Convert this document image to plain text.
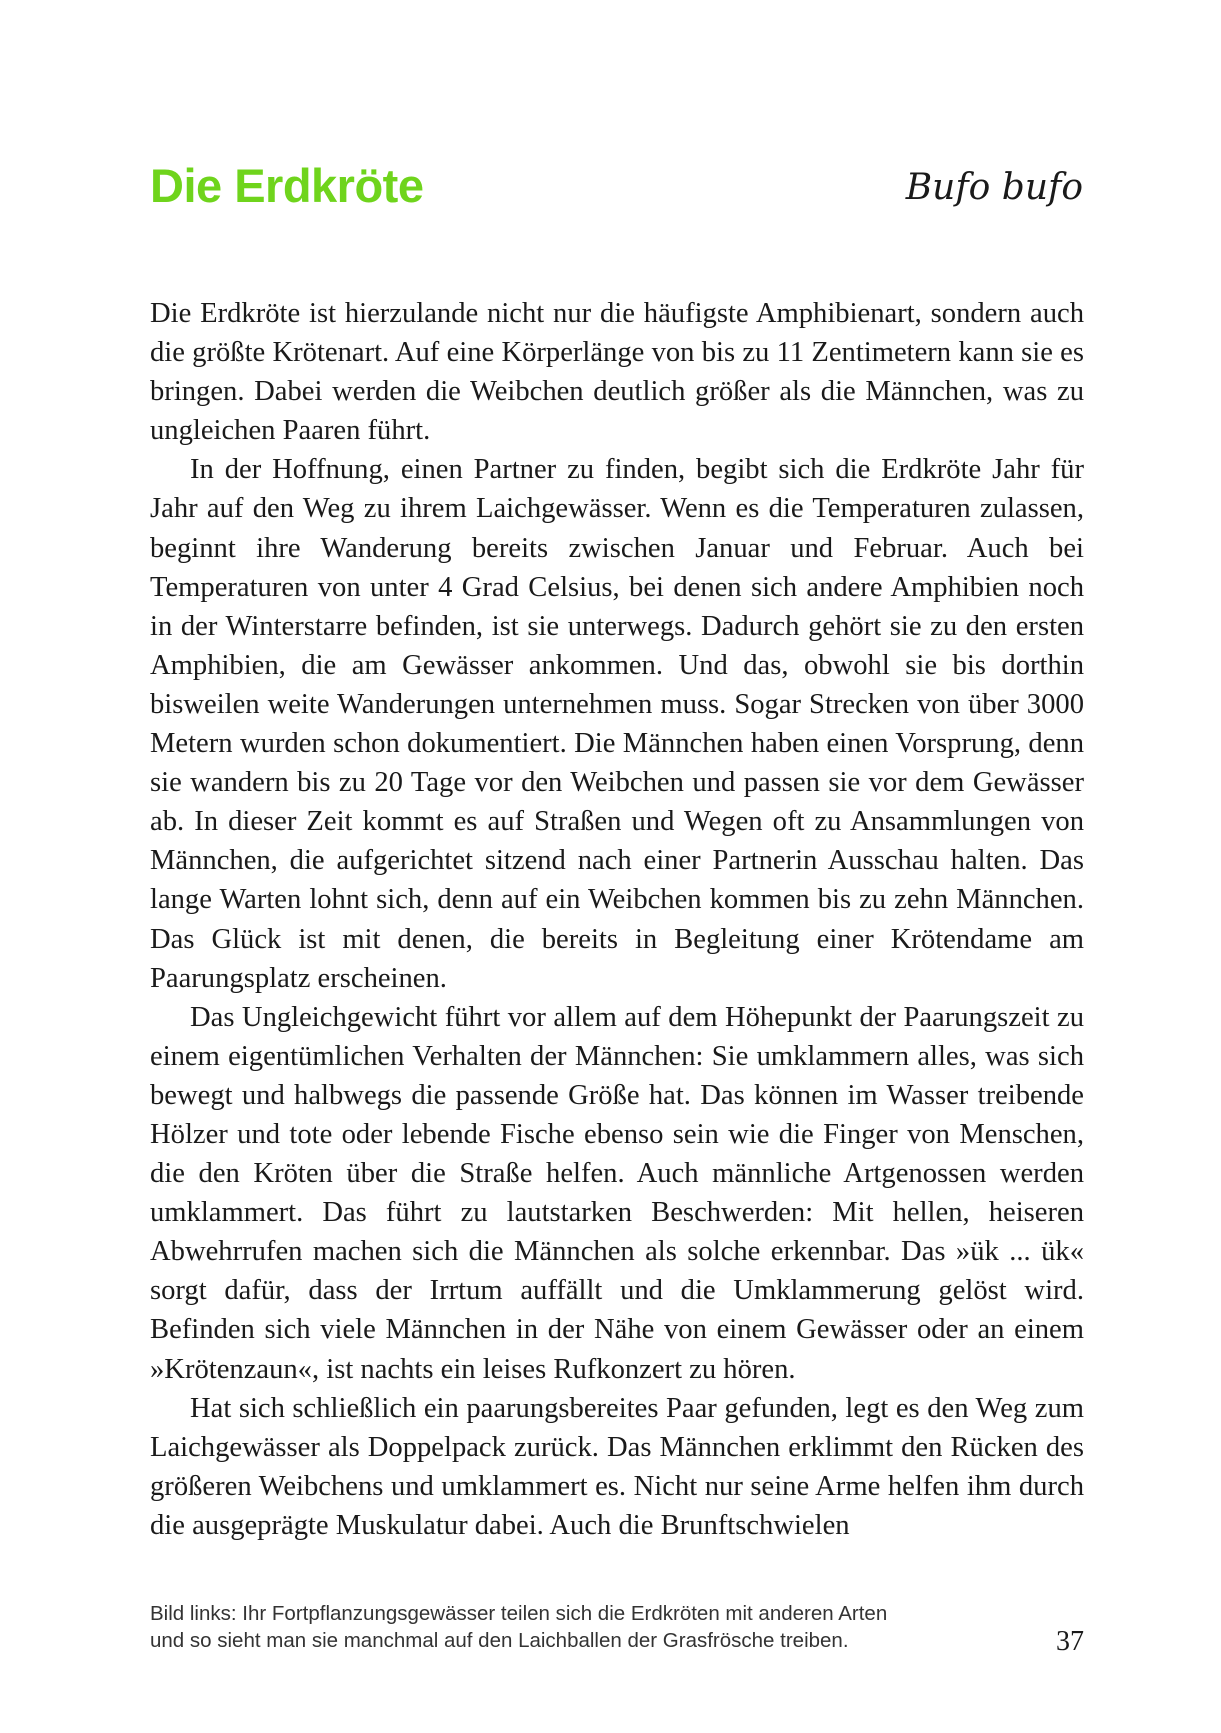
Die Erdkröte	Bufo bufo

Die Erdkröte ist hierzulande nicht nur die häufigste Amphibienart, sondern auch die größte Krötenart. Auf eine Körperlänge von bis zu 11 Zentimetern kann sie es bringen. Dabei werden die Weibchen deutlich größer als die Männchen, was zu ungleichen Paaren führt.

In der Hoffnung, einen Partner zu finden, begibt sich die Erdkröte Jahr für Jahr auf den Weg zu ihrem Laichgewässer. Wenn es die Temperaturen zulassen, beginnt ihre Wanderung bereits zwischen Januar und Februar. Auch bei Temperaturen von unter 4 Grad Celsius, bei denen sich andere Amphibien noch in der Winterstarre befinden, ist sie unterwegs. Dadurch gehört sie zu den ersten Amphibien, die am Gewässer ankommen. Und das, obwohl sie bis dorthin bisweilen weite Wanderungen unternehmen muss. Sogar Strecken von über 3000 Metern wurden schon dokumentiert. Die Männchen haben einen Vorsprung, denn sie wandern bis zu 20 Tage vor den Weibchen und passen sie vor dem Gewässer ab. In dieser Zeit kommt es auf Straßen und Wegen oft zu Ansammlungen von Männchen, die aufgerichtet sitzend nach einer Partnerin Ausschau halten. Das lange Warten lohnt sich, denn auf ein Weibchen kommen bis zu zehn Männchen. Das Glück ist mit denen, die bereits in Begleitung einer Krötendame am Paarungsplatz erscheinen.

Das Ungleichgewicht führt vor allem auf dem Höhepunkt der Paarungszeit zu einem eigentümlichen Verhalten der Männchen: Sie umklammern alles, was sich bewegt und halbwegs die passende Größe hat. Das können im Wasser treibende Hölzer und tote oder lebende Fische ebenso sein wie die Finger von Menschen, die den Kröten über die Straße helfen. Auch männliche Artgenossen werden umklammert. Das führt zu lautstarken Beschwerden: Mit hellen, heiseren Abwehrrufen machen sich die Männchen als solche erkennbar. Das »ük ... ük« sorgt dafür, dass der Irrtum auffällt und die Umklammerung gelöst wird. Befinden sich viele Männchen in der Nähe von einem Gewässer oder an einem »Krötenzaun«, ist nachts ein leises Rufkonzert zu hören.

Hat sich schließlich ein paarungsbereites Paar gefunden, legt es den Weg zum Laichgewässer als Doppelpack zurück. Das Männchen erklimmt den Rücken des größeren Weibchens und umklammert es. Nicht nur seine Arme helfen ihm durch die ausgeprägte Muskulatur dabei. Auch die Brunftschwielen

Bild links: Ihr Fortpflanzungsgewässer teilen sich die Erdkröten mit anderen Arten
und so sieht man sie manchmal auf den Laichballen der Grasfrösche treiben.	37
